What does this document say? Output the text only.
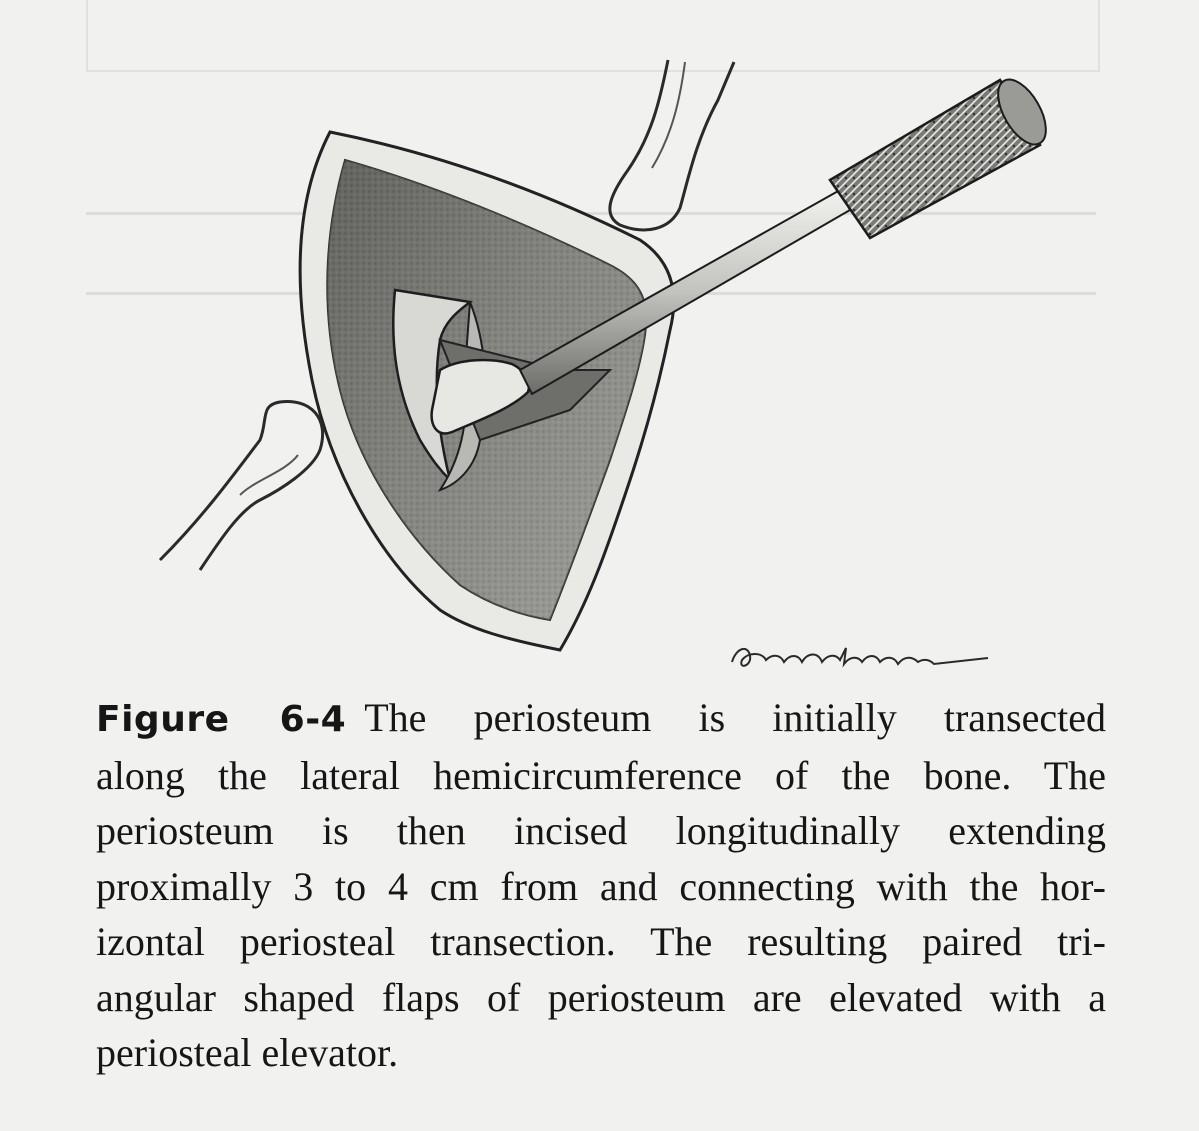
Figure 6-4 The periosteum is initially transected
along the lateral hemicircumference of the bone. The
periosteum is then incised longitudinally extending
proximally 3 to 4 cm from and connecting with the hor-
izontal periosteal transection. The resulting paired tri-
angular shaped flaps of periosteum are elevated with a
periosteal elevator.
